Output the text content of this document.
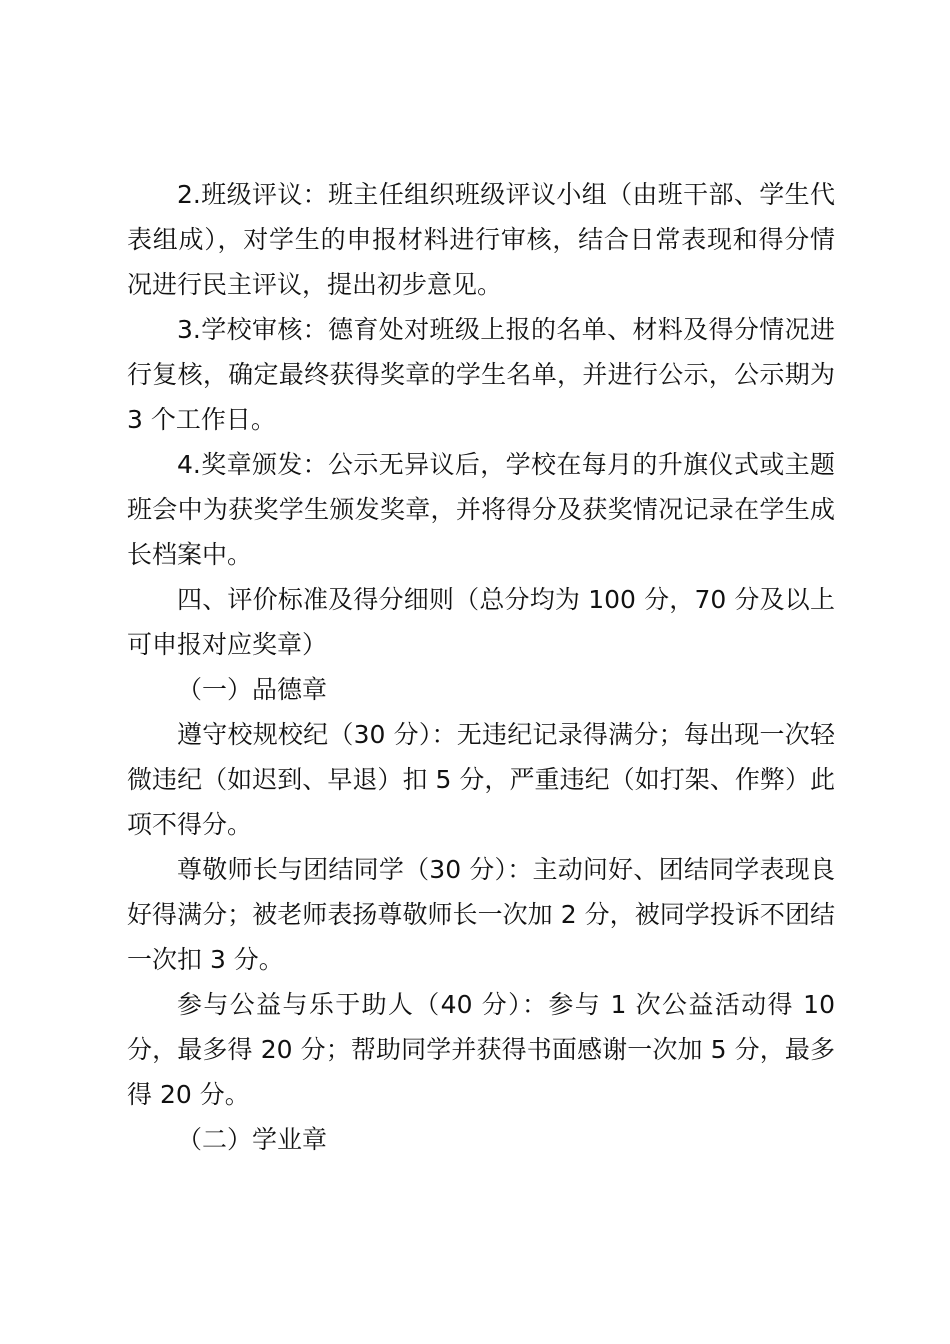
2.班级评议：班主任组织班级评议小组（由班干部、学生代表组成），对学生的申报材料进行审核，结合日常表现和得分情况进行民主评议，提出初步意见。

3.学校审核：德育处对班级上报的名单、材料及得分情况进行复核，确定最终获得奖章的学生名单，并进行公示，公示期为 3 个工作日。

4.奖章颁发：公示无异议后，学校在每月的升旗仪式或主题班会中为获奖学生颁发奖章，并将得分及获奖情况记录在学生成长档案中。

四、评价标准及得分细则（总分均为 100 分，70 分及以上可申报对应奖章）

（一）品德章

遵守校规校纪（30 分）：无违纪记录得满分；每出现一次轻微违纪（如迟到、早退）扣 5 分，严重违纪（如打架、作弊）此项不得分。

尊敬师长与团结同学（30 分）：主动问好、团结同学表现良好得满分；被老师表扬尊敬师长一次加 2 分，被同学投诉不团结一次扣 3 分。

参与公益与乐于助人（40 分）：参与 1 次公益活动得 10 分，最多得 20 分；帮助同学并获得书面感谢一次加 5 分，最多得 20 分。

（二）学业章
